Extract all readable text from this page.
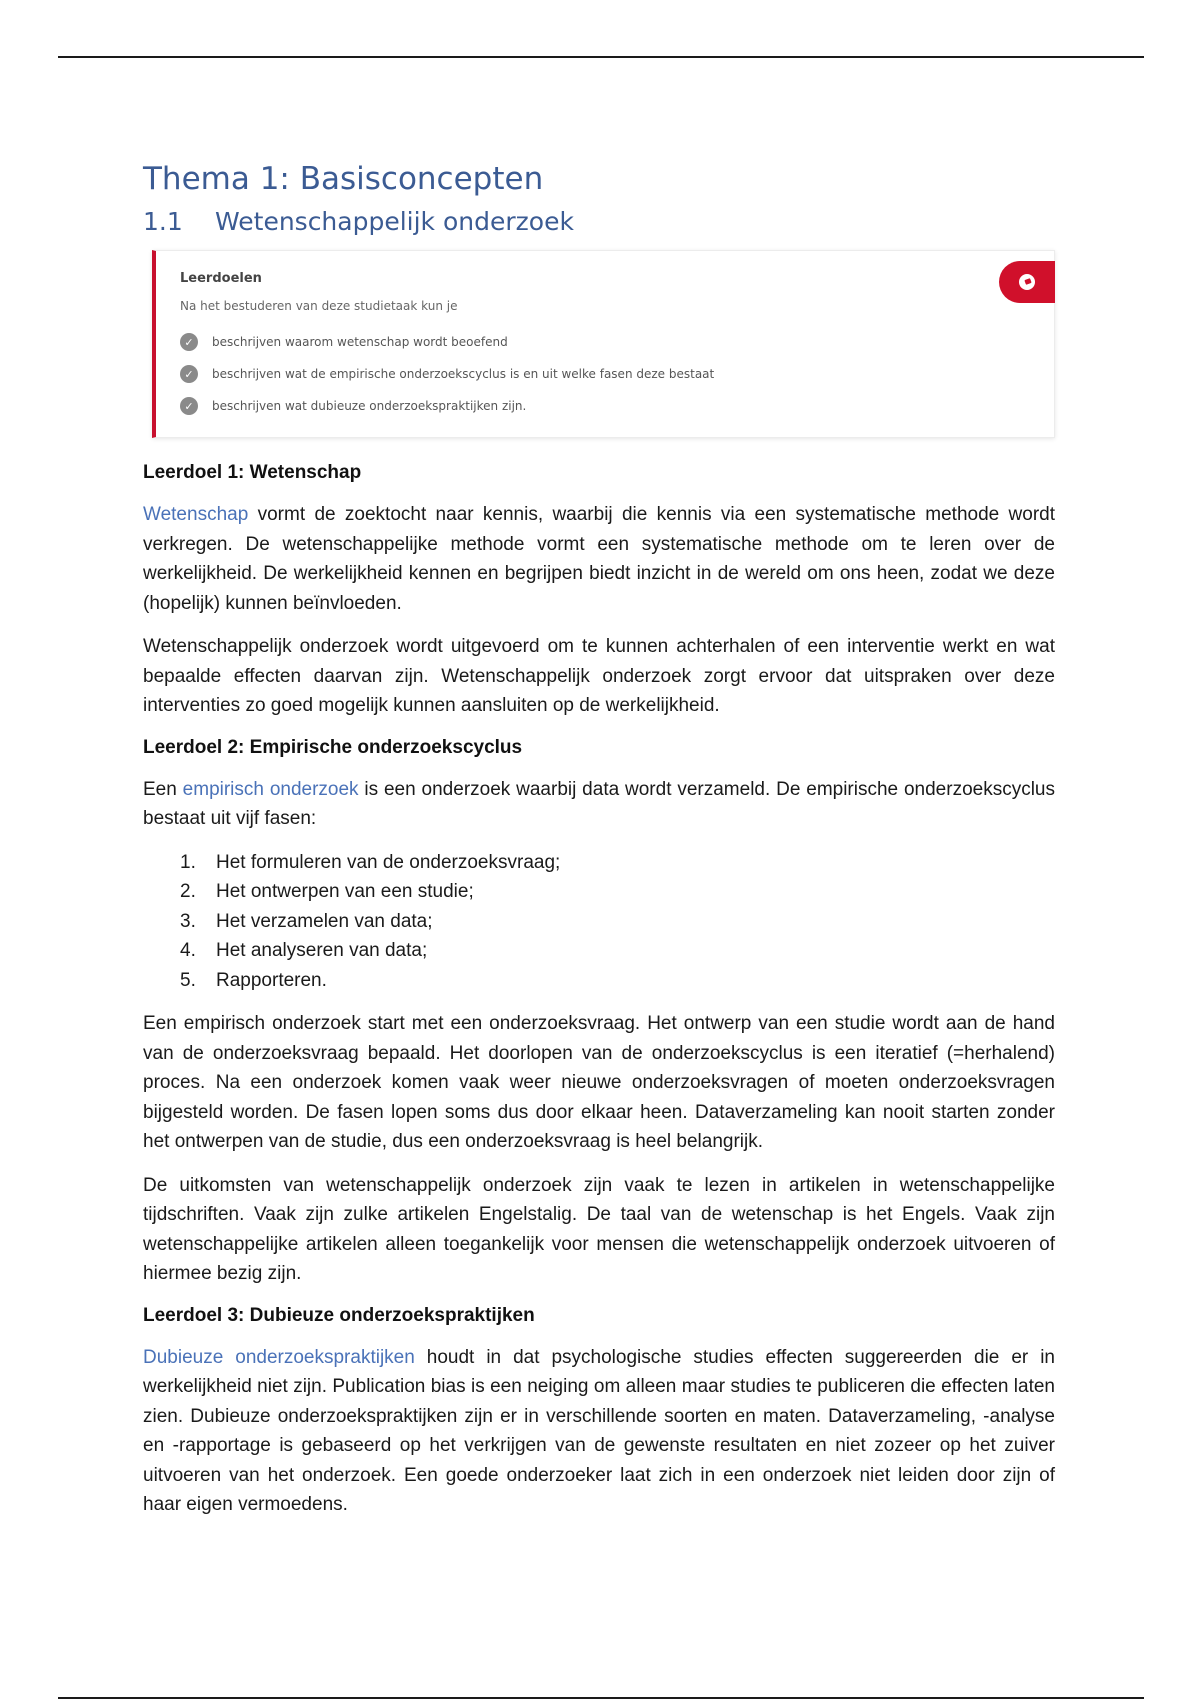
Thema 1: Basisconcepten
1.1 Wetenschappelijk onderzoek
Leerdoelen
Na het bestuderen van deze studietaak kun je
✓	beschrijven waarom wetenschap wordt beoefend
✓	beschrijven wat de empirische onderzoekscyclus is en uit welke fasen deze bestaat
✓	beschrijven wat dubieuze onderzoekspraktijken zijn.
Leerdoel 1: Wetenschap

Wetenschap vormt de zoektocht naar kennis, waarbij die kennis via een systematische methode wordt verkregen. De wetenschappelijke methode vormt een systematische methode om te leren over de werkelijkheid. De werkelijkheid kennen en begrijpen biedt inzicht in de wereld om ons heen, zodat we deze (hopelijk) kunnen beïnvloeden.

Wetenschappelijk onderzoek wordt uitgevoerd om te kunnen achterhalen of een interventie werkt en wat bepaalde effecten daarvan zijn. Wetenschappelijk onderzoek zorgt ervoor dat uitspraken over deze interventies zo goed mogelijk kunnen aansluiten op de werkelijkheid.

Leerdoel 2: Empirische onderzoekscyclus

Een empirisch onderzoek is een onderzoek waarbij data wordt verzameld. De empirische onderzoekscyclus bestaat uit vijf fasen:

1.	Het formuleren van de onderzoeksvraag;
2.	Het ontwerpen van een studie;
3.	Het verzamelen van data;
4.	Het analyseren van data;
5.	Rapporteren.

Een empirisch onderzoek start met een onderzoeksvraag. Het ontwerp van een studie wordt aan de hand van de onderzoeksvraag bepaald. Het doorlopen van de onderzoekscyclus is een iteratief (=herhalend) proces. Na een onderzoek komen vaak weer nieuwe onderzoeksvragen of moeten onderzoeksvragen bijgesteld worden. De fasen lopen soms dus door elkaar heen. Dataverzameling kan nooit starten zonder het ontwerpen van de studie, dus een onderzoeksvraag is heel belangrijk.

De uitkomsten van wetenschappelijk onderzoek zijn vaak te lezen in artikelen in wetenschappelijke tijdschriften. Vaak zijn zulke artikelen Engelstalig. De taal van de wetenschap is het Engels. Vaak zijn wetenschappelijke artikelen alleen toegankelijk voor mensen die wetenschappelijk onderzoek uitvoeren of hiermee bezig zijn.

Leerdoel 3: Dubieuze onderzoekspraktijken

Dubieuze onderzoekspraktijken houdt in dat psychologische studies effecten suggereerden die er in werkelijkheid niet zijn. Publication bias is een neiging om alleen maar studies te publiceren die effecten laten zien. Dubieuze onderzoekspraktijken zijn er in verschillende soorten en maten. Dataverzameling, -analyse en -rapportage is gebaseerd op het verkrijgen van de gewenste resultaten en niet zozeer op het zuiver uitvoeren van het onderzoek. Een goede onderzoeker laat zich in een onderzoek niet leiden door zijn of haar eigen vermoedens.
